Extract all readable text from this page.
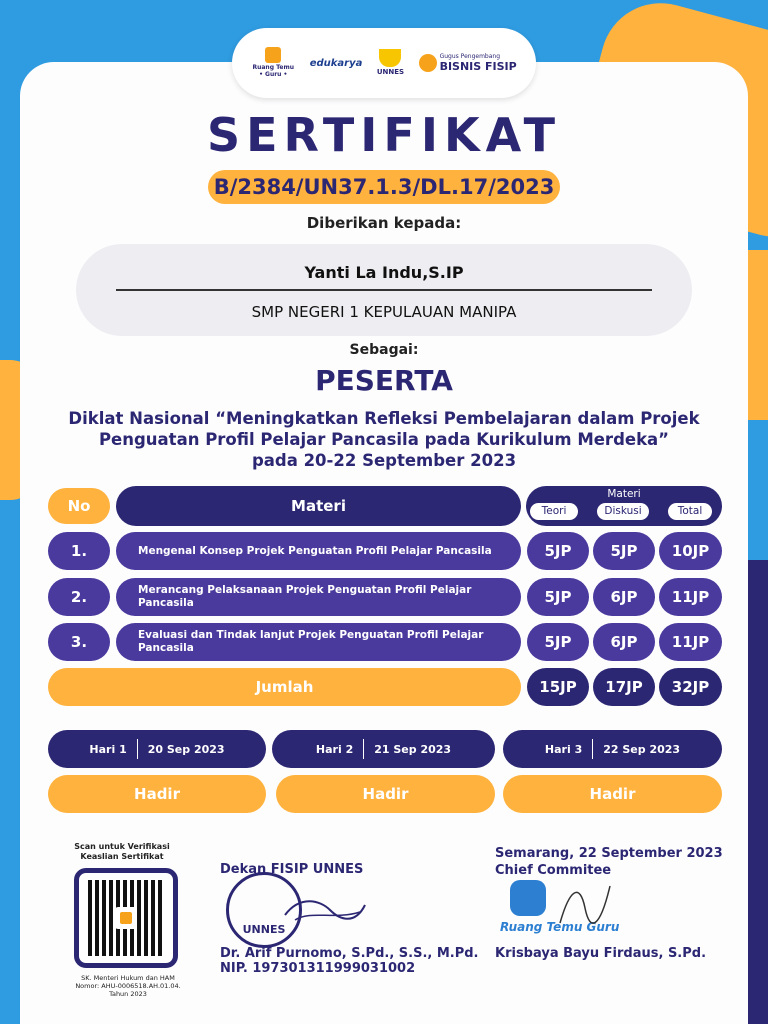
Ruang Temu • Guru •
edukarya
UNNES
Gugus Pengembang
BISNIS FISIP
SERTIFIKAT
B/2384/UN37.1.3/DL.17/2023
Diberikan kepada:
Yanti La Indu,S.IP
SMP NEGERI 1 KEPULAUAN MANIPA
Sebagai:
PESERTA
Diklat Nasional “Meningkatkan Refleksi Pembelajaran dalam Projek
Penguatan Profil Pelajar Pancasila pada Kurikulum Merdeka”
pada 20-22 September 2023
No	Materi
Materi
Teori	Diskusi	Total
1.	Mengenal Konsep Projek Penguatan Profil Pelajar Pancasila	5JP	5JP	10JP
2.	Merancang Pelaksanaan Projek Penguatan Profil Pelajar Pancasila	5JP	6JP	11JP
3.	Evaluasi dan Tindak lanjut Projek Penguatan Profil Pelajar Pancasila	5JP	6JP	11JP
Jumlah	15JP	17JP	32JP
Hari 1 20 Sep 2023	Hari 2 21 Sep 2023	Hari 3 22 Sep 2023
Hadir	Hadir	Hadir
Scan untuk Verifikasi Keaslian Sertifikat
SK. Menteri Hukum dan HAM
Nomor: AHU-0006518.AH.01.04.
Tahun 2023
Dekan FISIP UNNES
UNNES
Dr. Arif Purnomo, S.Pd., S.S., M.Pd.
NIP. 197301311999031002
Semarang, 22 September 2023
Chief Commitee
Ruang Temu Guru
Krisbaya Bayu Firdaus, S.Pd.
